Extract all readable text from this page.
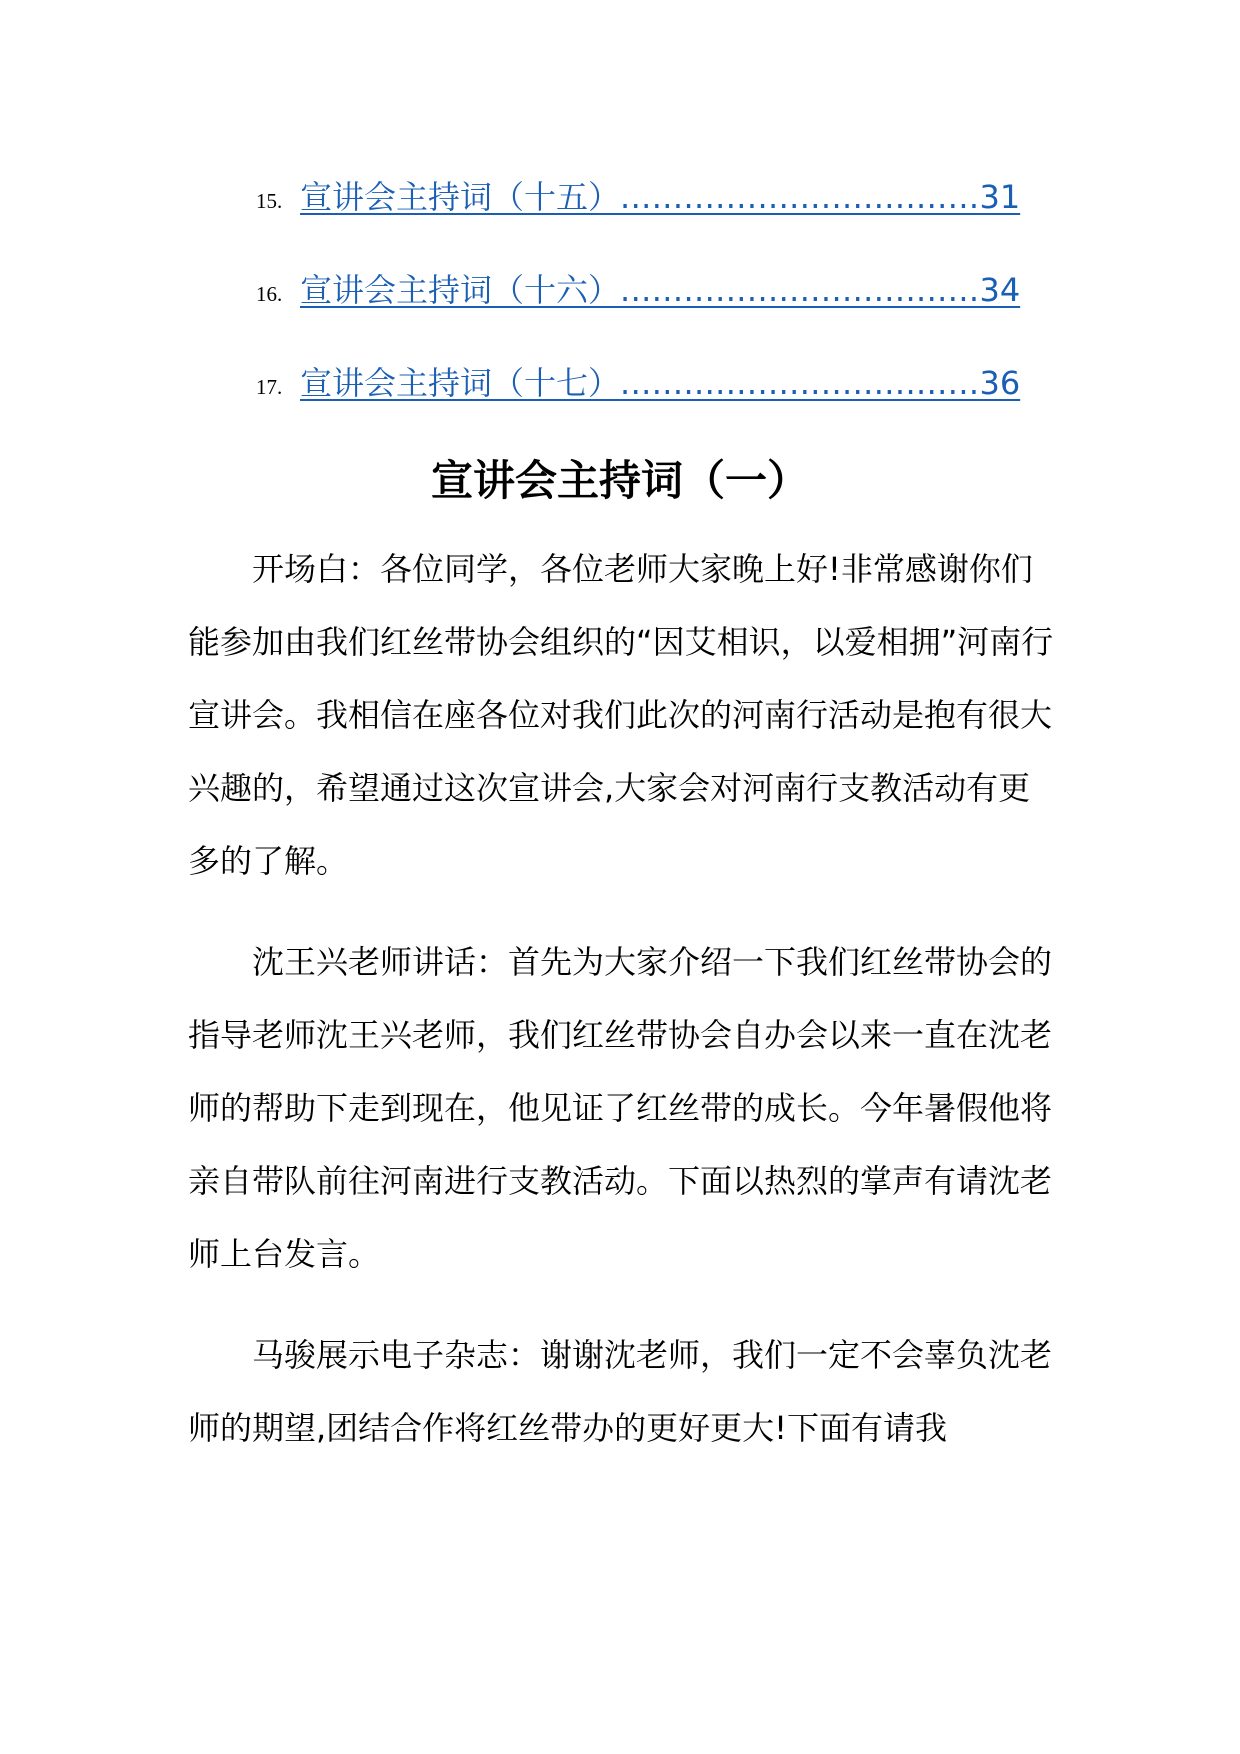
15. 宣讲会主持词（十五）..................................31
16. 宣讲会主持词（十六）..................................34
17. 宣讲会主持词（十七）..................................36
宣讲会主持词（一）

开场白：各位同学，各位老师大家晚上好!非常感谢你们能参加由我们红丝带协会组织的“因艾相识，以爱相拥”河南行宣讲会。我相信在座各位对我们此次的河南行活动是抱有很大兴趣的，希望通过这次宣讲会,大家会对河南行支教活动有更多的了解。

沈王兴老师讲话：首先为大家介绍一下我们红丝带协会的指导老师沈王兴老师，我们红丝带协会自办会以来一直在沈老师的帮助下走到现在，他见证了红丝带的成长。今年暑假他将亲自带队前往河南进行支教活动。下面以热烈的掌声有请沈老师上台发言。

马骏展示电子杂志：谢谢沈老师，我们一定不会辜负沈老师的期望,团结合作将红丝带办的更好更大!下面有请我
